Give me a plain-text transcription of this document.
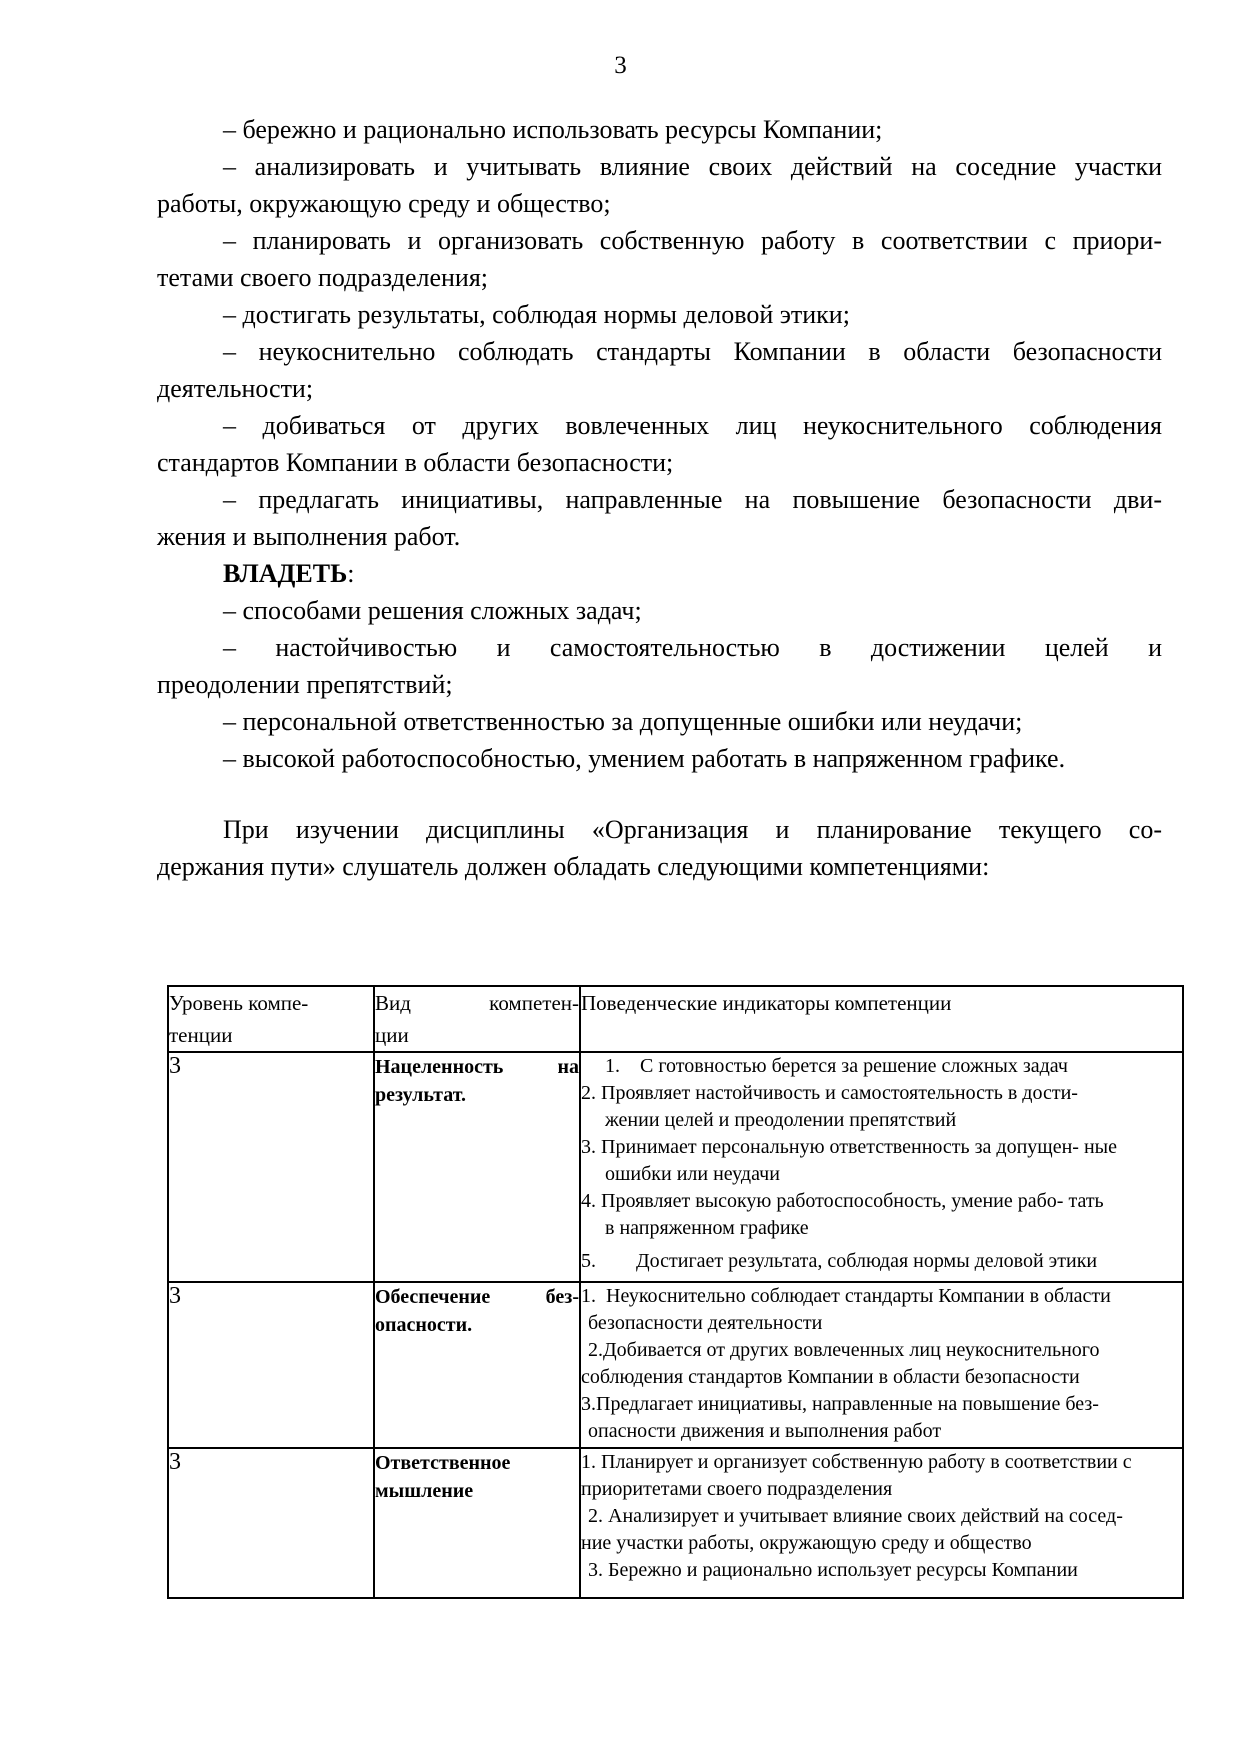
3
– бережно и рационально использовать ресурсы Компании;
– анализировать и учитывать влияние своих действий на соседние участки
работы, окружающую среду и общество;
– планировать и организовать собственную работу в соответствии с приори-
тетами своего подразделения;
– достигать результаты, соблюдая нормы деловой этики;
– неукоснительно соблюдать стандарты Компании в области безопасности
деятельности;
– добиваться от других вовлеченных лиц неукоснительного соблюдения
стандартов Компании в области безопасности;
– предлагать инициативы, направленные на повышение безопасности дви-
жения и выполнения работ.
ВЛАДЕТЬ:
– способами решения сложных задач;
– настойчивостью и самостоятельностью в достижении целей и
преодолении препятствий;
– персональной ответственностью за допущенные ошибки или неудачи;
– высокой работоспособностью, умением работать в напряженном графике.
При изучении дисциплины «Организация и планирование текущего со-
держания пути» слушатель должен обладать следующими компетенциями:
Уровень компе-
тенции

Вид компетен-
ции

Поведенческие индикаторы компетенции

3	Нацеленность на
результат.

1.    С готовностью берется за решение сложных задач
2. Проявляет настойчивость и самостоятельность в дости-
жении целей и преодолении препятствий
3. Принимает персональную ответственность за допущен- ные
ошибки или неудачи
4. Проявляет высокую работоспособность, умение рабо- тать
в напряженном графике
5.        Достигает результата, соблюдая нормы деловой этики

3	Обеспечение без-
опасности.

1.  Неукоснительно соблюдает стандарты Компании в области
безопасности деятельности
2.Добивается от других вовлеченных лиц неукоснительного
соблюдения стандартов Компании в области безопасности
3.Предлагает инициативы, направленные на повышение без-
опасности движения и выполнения работ

3	Ответственное
мышление

1. Планирует и организует собственную работу в соответствии с
приоритетами своего подразделения
2. Анализирует и учитывает влияние своих действий на сосед-
ние участки работы, окружающую среду и общество
3. Бережно и рационально использует ресурсы Компании
